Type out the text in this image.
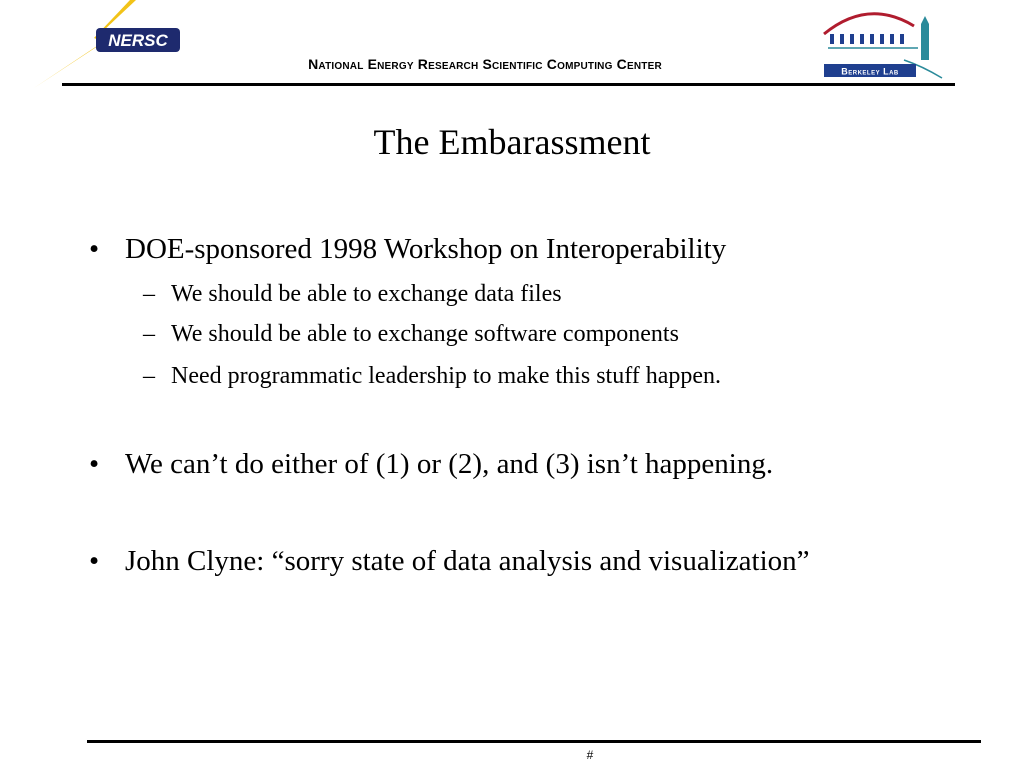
NERSC
National Energy Research Scientific Computing Center	Berkeley Lab
The Embarassment
• DOE-sponsored 1998 Workshop on Interoperability
– We should be able to exchange data files
– We should be able to exchange software components
– Need programmatic leadership to make this stuff happen.
• We can’t do either of (1) or (2), and (3) isn’t happening.
• John Clyne: “sorry state of data analysis and visualization”
#
